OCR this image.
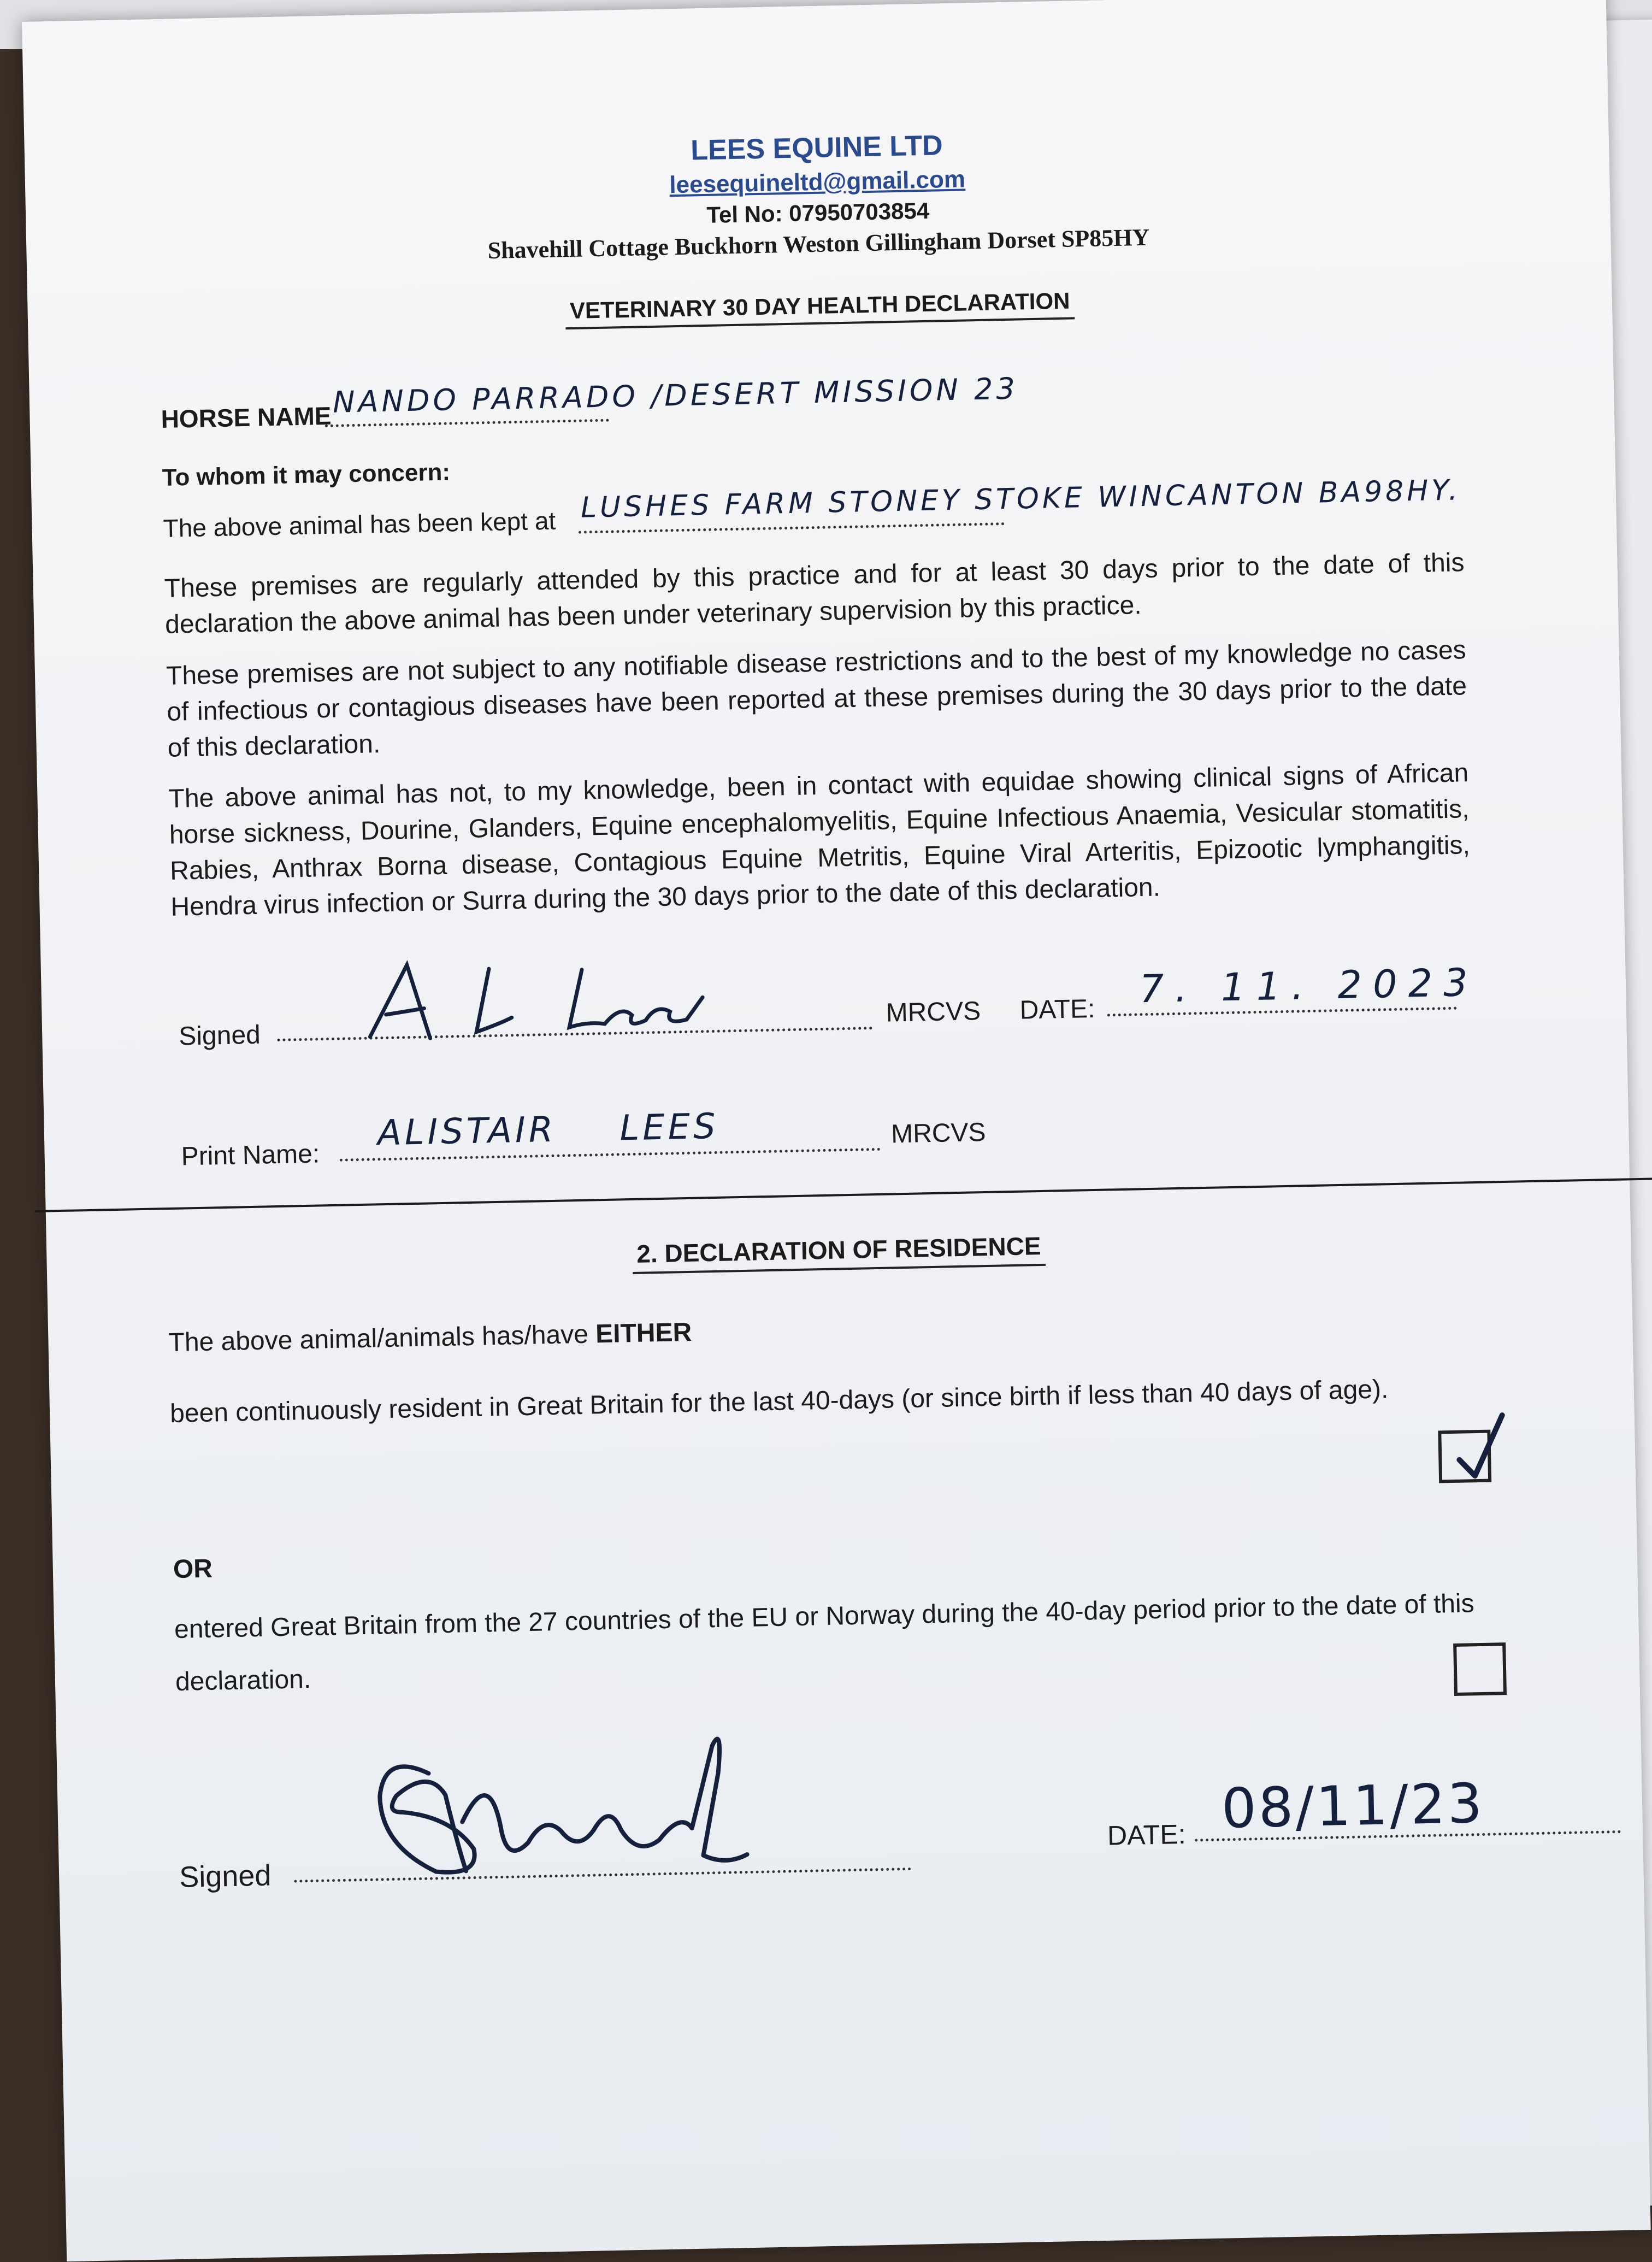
LEES EQUINE LTD
leesequineltd@gmail.com
Tel No: 07950703854
Shavehill Cottage Buckhorn Weston Gillingham Dorset SP85HY
VETERINARY 30 DAY HEALTH DECLARATION
HORSE NAME NANDO PARRADO /DESERT MISSION 23
To whom it may concern:
The above animal has been kept at
LUSHES FARM STONEY STOKE WINCANTON BA98HY.
These premises are regularly attended by this practice and for at least 30 days prior to the date of this declaration the above animal has been under veterinary supervision by this practice.
These premises are not subject to any notifiable disease restrictions and to the best of my knowledge no cases of infectious or contagious diseases have been reported at these premises during the 30 days prior to the date of this declaration.
The above animal has not, to my knowledge, been in contact with equidae showing clinical signs of African horse sickness, Dourine, Glanders, Equine encephalomyelitis, Equine Infectious Anaemia, Vesicular stomatitis, Rabies, Anthrax Borna disease, Contagious Equine Metritis, Equine Viral Arteritis, Epizootic lymphangitis, Hendra virus infection or Surra during the 30 days prior to the date of this declaration.
Signed
MRCVS DATE: 7. 11. 2023
Print Name:
ALISTAIR LEES	MRCVS
2. DECLARATION OF RESIDENCE
The above animal/animals has/have EITHER
been continuously resident in Great Britain for the last 40-days (or since birth if less than 40 days of age).
OR
entered Great Britain from the 27 countries of the EU or Norway during the 40-day period prior to the date of this declaration.
Signed
DATE: 08/11/23
